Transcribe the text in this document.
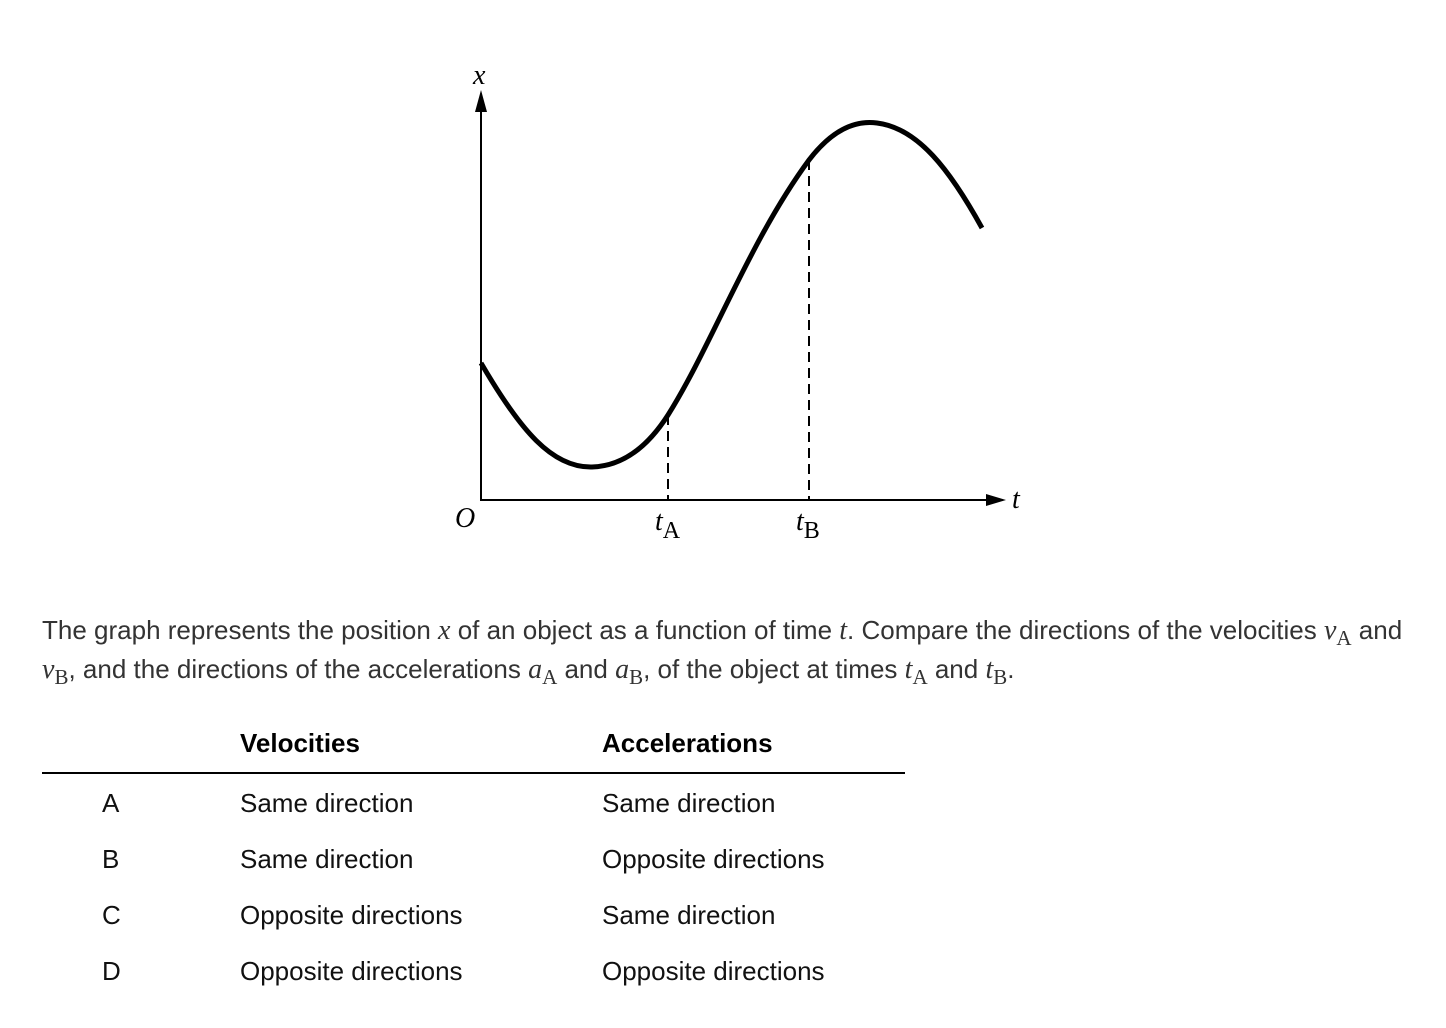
x
t
O	tA	tB
The graph represents the position x of an object as a function of time t. Compare the directions of the velocities $v_A$ and $v_B$, and the directions of the accelerations $a_A$ and $a_B$, of the object at times $t_A$ and $t_B$.
Velocities	Accelerations
A	Same direction	Same direction
B	Same direction	Opposite directions
C	Opposite directions	Same direction
D	Opposite directions	Opposite directions
